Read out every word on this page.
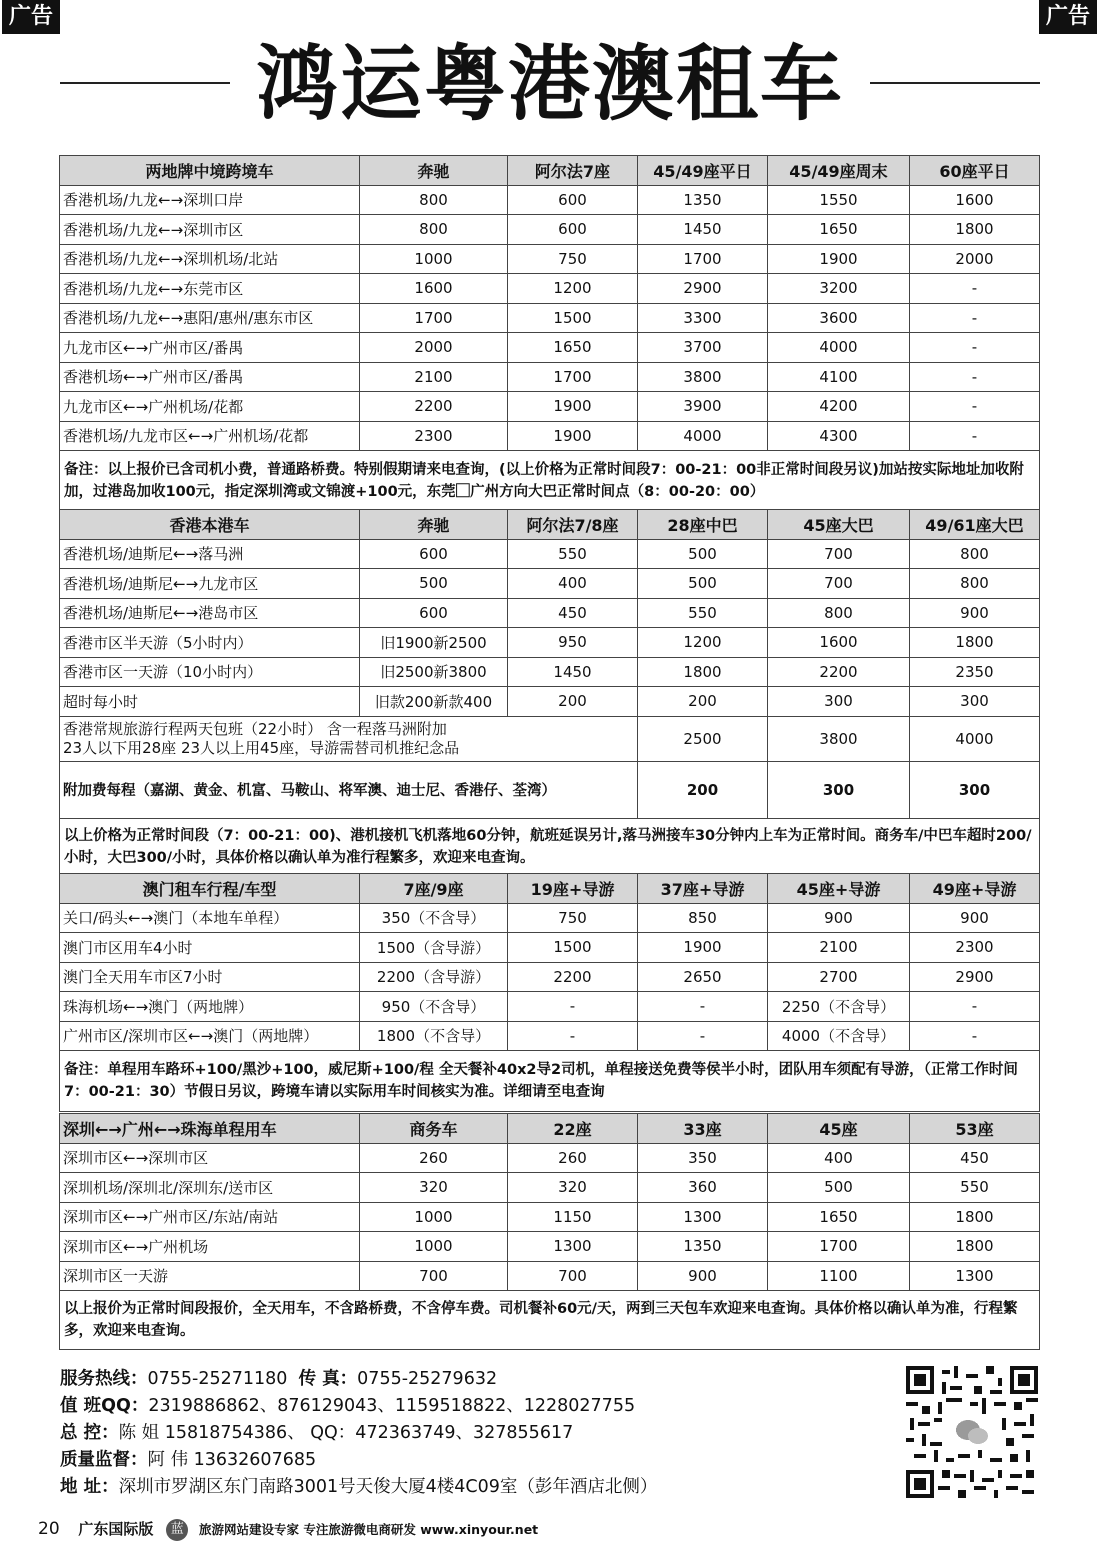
广告	广告
鸿运粤港澳租车
两地牌中境跨境车	奔驰	阿尔法7座	45/49座平日	45/49座周末	60座平日
香港机场/九龙←→深圳口岸	800	600	1350	1550	1600
香港机场/九龙←→深圳市区	800	600	1450	1650	1800
香港机场/九龙←→深圳机场/北站	1000	750	1700	1900	2000
香港机场/九龙←→东莞市区	1600	1200	2900	3200	-
香港机场/九龙←→惠阳/惠州/惠东市区	1700	1500	3300	3600	-
九龙市区←→广州市区/番禺	2000	1650	3700	4000	-
香港机场←→广州市区/番禺	2100	1700	3800	4100	-
九龙市区←→广州机场/花都	2200	1900	3900	4200	-
香港机场/九龙市区←→广州机场/花都	2300	1900	4000	4300	-
备注：以上报价已含司机小费，普通路桥费。特别假期请来电查询，(以上价格为正常时间段7：00-21：00非正常时间段另议)加站按实际地址加收附加，过港岛加收100元，指定深圳湾或文锦渡+100元，东莞⃞广州方向大巴正常时间点（8：00-20：00）					
香港本港车	奔驰	阿尔法7/8座	28座中巴	45座大巴	49/61座大巴
香港机场/迪斯尼←→落马洲	600	550	500	700	800
香港机场/迪斯尼←→九龙市区	500	400	500	700	800
香港机场/迪斯尼←→港岛市区	600	450	550	800	900
香港市区半天游（5小时内）	旧1900新2500	950	1200	1600	1800
香港市区一天游（10小时内）	旧2500新3800	1450	1800	2200	2350
超时每小时	旧款200新款400	200	200	300	300

香港常规旅游行程两天包班（22小时） 含一程落马洲附加
23人以下用28座 23人以上用45座，导游需替司机推纪念品			2500	3800	4000
附加费每程（嘉湖、黄金、机富、马鞍山、将军澳、迪士尼、香港仔、荃湾）			200	300	300
以上价格为正常时间段（7：00-21：00)、港机接机飞机落地60分钟，航班延误另计,落马洲接车30分钟内上车为正常时间。商务车/中巴车超时200/小时，大巴300/小时，具体价格以确认单为准行程繁多，欢迎来电查询。					
澳门租车行程/车型	7座/9座	19座+导游	37座+导游	45座+导游	49座+导游
关口/码头←→澳门（本地车单程）	350（不含导）	750	850	900	900
澳门市区用车4小时	1500（含导游）	1500	1900	2100	2300
澳门全天用车市区7小时	2200（含导游）	2200	2650	2700	2900
珠海机场←→澳门（两地牌）	950（不含导）	-	-	2250（不含导）	-
广州市区/深圳市区←→澳门（两地牌）	1800（不含导）	-	-	4000（不含导）	-
备注：单程用车路环+100/黑沙+100，威尼斯+100/程 全天餐补40x2导2司机，单程接送免费等侯半小时，团队用车须配有导游，（正常工作时间7：00-21：30）节假日另议，跨境车请以实际用车时间核实为准。详细请至电查询					
深圳←→广州←→珠海单程用车	商务车	22座	33座	45座	53座
深圳市区←→深圳市区	260	260	350	400	450
深圳机场/深圳北/深圳东/送市区	320	320	360	500	550
深圳市区←→广州市区/东站/南站	1000	1150	1300	1650	1800
深圳市区←→广州机场	1000	1300	1350	1700	1800
深圳市区一天游	700	700	900	1100	1300
以上报价为正常时间段报价，全天用车，不含路桥费，不含停车费。司机餐补60元/天，两到三天包车欢迎来电查询。具体价格以确认单为准，行程繁多，欢迎来电查询。					
服务热线：0755-25271180 传 真：0755-25279632
值 班QQ：2319886862、876129043、1159518822、1228027755
总 控：陈 姐 15818754386、 QQ：472363749、327855617
质量监督：阿 伟 13632607685
地 址：深圳市罗湖区东门南路3001号天俊大厦4楼4C09室（彭年酒店北侧）
20 广东国际版 蓝 旅游网站建设专家 专注旅游微电商研发 www.xinyour.net
